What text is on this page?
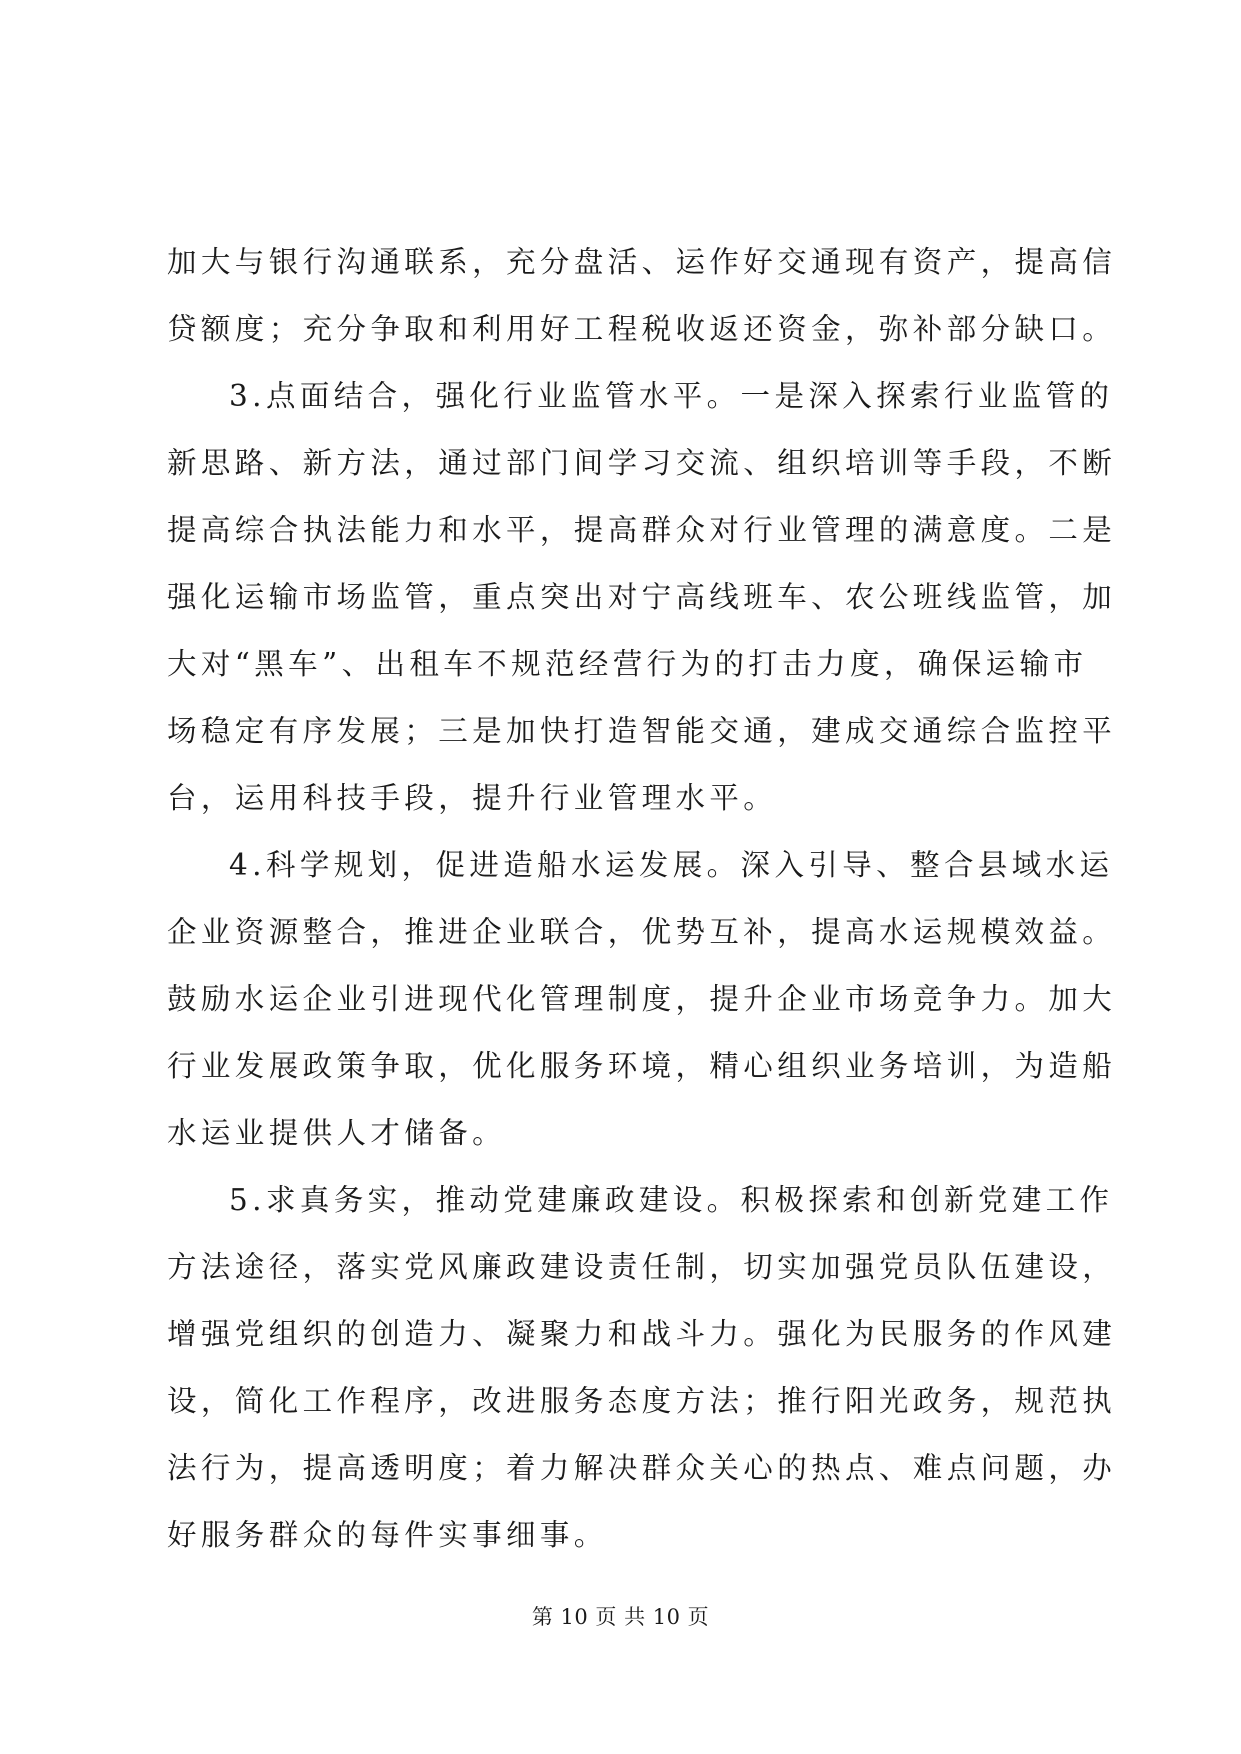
加大与银行沟通联系，充分盘活、运作好交通现有资产，提高信
贷额度；充分争取和利用好工程税收返还资金，弥补部分缺口。
3.点面结合，强化行业监管水平。一是深入探索行业监管的
新思路、新方法，通过部门间学习交流、组织培训等手段，不断
提高综合执法能力和水平，提高群众对行业管理的满意度。二是
强化运输市场监管，重点突出对宁高线班车、农公班线监管，加
大对“黑车”、出租车不规范经营行为的打击力度，确保运输市
场稳定有序发展；三是加快打造智能交通，建成交通综合监控平
台，运用科技手段，提升行业管理水平。
4.科学规划，促进造船水运发展。深入引导、整合县域水运
企业资源整合，推进企业联合，优势互补，提高水运规模效益。
鼓励水运企业引进现代化管理制度，提升企业市场竞争力。加大
行业发展政策争取，优化服务环境，精心组织业务培训，为造船
水运业提供人才储备。
5.求真务实，推动党建廉政建设。积极探索和创新党建工作
方法途径，落实党风廉政建设责任制，切实加强党员队伍建设，
增强党组织的创造力、凝聚力和战斗力。强化为民服务的作风建
设，简化工作程序，改进服务态度方法；推行阳光政务，规范执
法行为，提高透明度；着力解决群众关心的热点、难点问题，办
好服务群众的每件实事细事。
第 10 页 共 10 页
